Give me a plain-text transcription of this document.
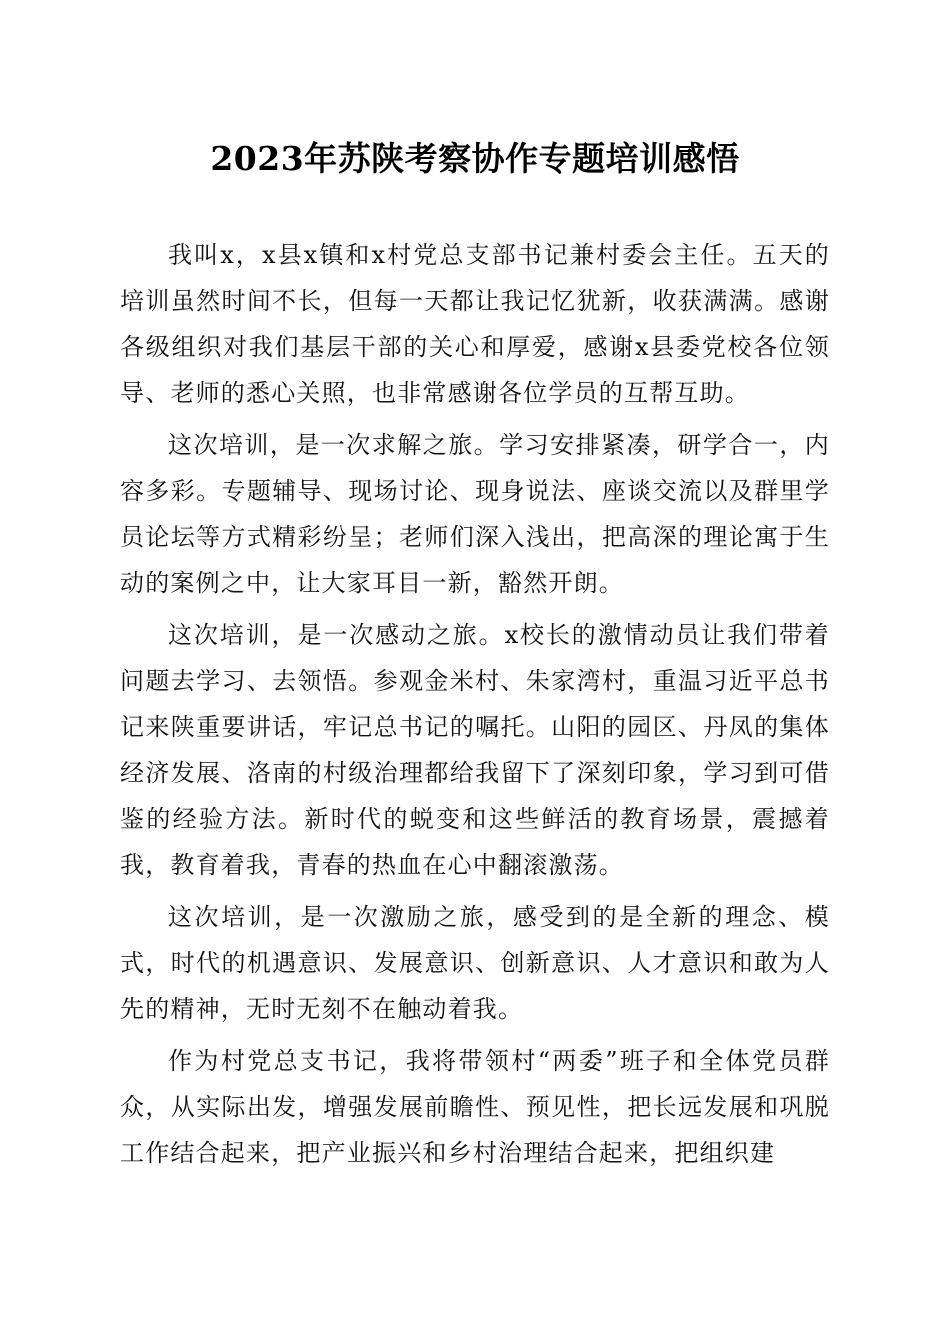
2023年苏陕考察协作专题培训感悟

我叫x，x县x镇和x村党总支部书记兼村委会主任。五天的培训虽然时间不长，但每一天都让我记忆犹新，收获满满。感谢各级组织对我们基层干部的关心和厚爱，感谢x县委党校各位领导、老师的悉心关照，也非常感谢各位学员的互帮互助。

这次培训，是一次求解之旅。学习安排紧凑，研学合一，内容多彩。专题辅导、现场讨论、现身说法、座谈交流以及群里学员论坛等方式精彩纷呈；老师们深入浅出，把高深的理论寓于生动的案例之中，让大家耳目一新，豁然开朗。

这次培训，是一次感动之旅。x校长的激情动员让我们带着问题去学习、去领悟。参观金米村、朱家湾村，重温习近平总书记来陕重要讲话，牢记总书记的嘱托。山阳的园区、丹凤的集体经济发展、洛南的村级治理都给我留下了深刻印象，学习到可借鉴的经验方法。新时代的蜕变和这些鲜活的教育场景，震撼着我，教育着我，青春的热血在心中翻滚激荡。

这次培训，是一次激励之旅，感受到的是全新的理念、模式，时代的机遇意识、发展意识、创新意识、人才意识和敢为人先的精神，无时无刻不在触动着我。

作为村党总支书记，我将带领村“两委”班子和全体党员群众，从实际出发，增强发展前瞻性、预见性，把长远发展和巩脱工作结合起来，把产业振兴和乡村治理结合起来，把组织建
